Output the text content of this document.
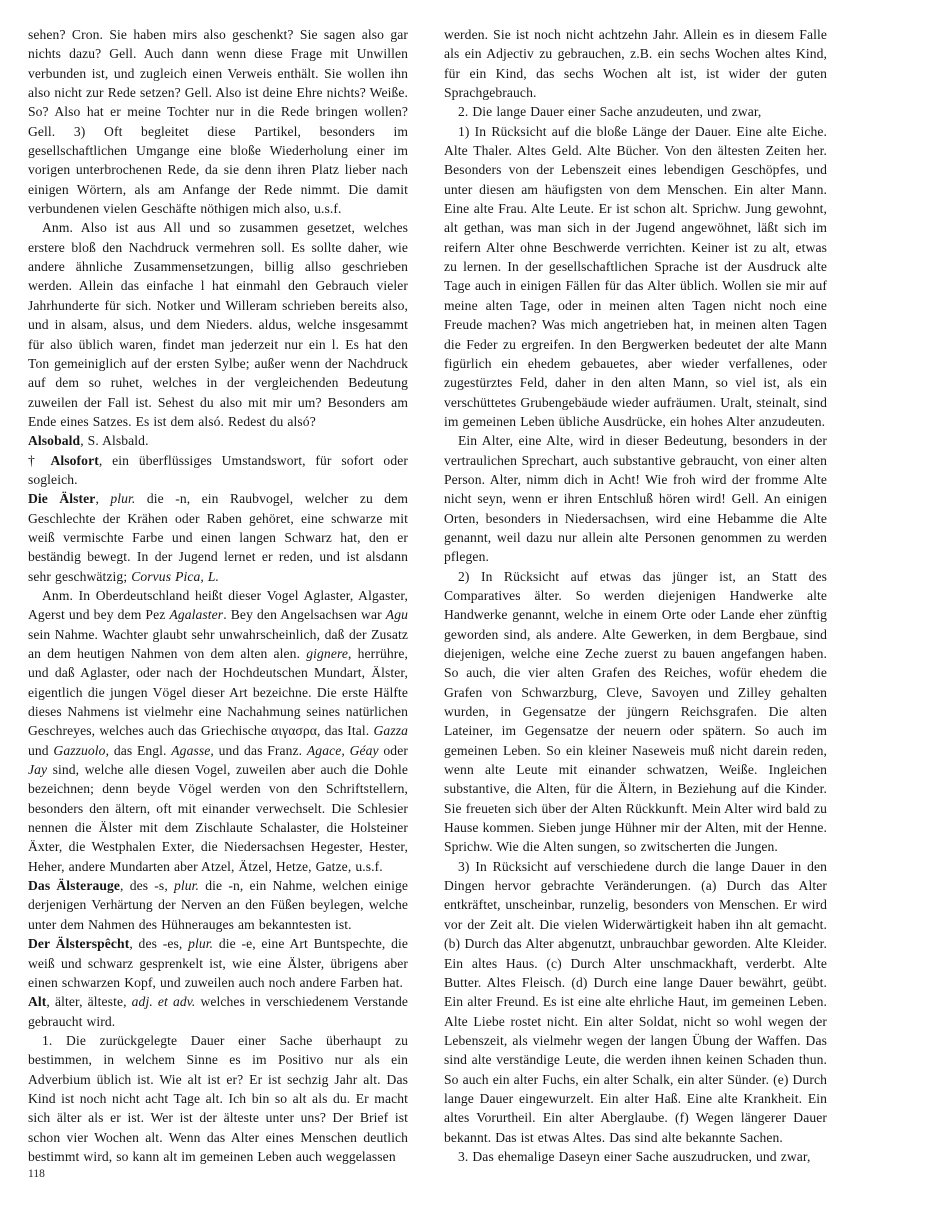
sehen? Cron. Sie haben mirs also geschenkt? Sie sagen also gar nichts dazu? Gell. Auch dann wenn diese Frage mit Unwillen verbunden ist, und zugleich einen Verweis enthält. Sie wollen ihn also nicht zur Rede setzen? Gell. Also ist deine Ehre nichts? Weiße. So? Also hat er meine Tochter nur in die Rede bringen wollen? Gell. 3) Oft begleitet diese Partikel, besonders im gesellschaftlichen Umgange eine bloße Wiederholung einer im vorigen unterbrochenen Rede, da sie denn ihren Platz lieber nach einigen Wörtern, als am Anfange der Rede nimmt. Die damit verbundenen vielen Geschäfte nöthigen mich also, u.s.f.

Anm. Also ist aus All und so zusammen gesetzet, welches erstere bloß den Nachdruck vermehren soll. Es sollte daher, wie andere ähnliche Zusammensetzungen, billig allso geschrieben werden. Allein das einfache l hat einmahl den Gebrauch vieler Jahrhunderte für sich. Notker und Willeram schrieben bereits also, und in alsam, alsus, und dem Nieders. aldus, welche insgesammt für also üblich waren, findet man jederzeit nur ein l. Es hat den Ton gemeiniglich auf der ersten Sylbe; außer wenn der Nachdruck auf dem so ruhet, welches in der vergleichenden Bedeutung zuweilen der Fall ist. Sehest du also mit mir um? Besonders am Ende eines Satzes. Es ist dem alsó. Redest du alsó?

Alsobald, S. Alsbald.

† Alsofort, ein überflüssiges Umstandswort, für sofort oder sogleich.

Die Älster, plur. die -n, ein Raubvogel, welcher zu dem Geschlechte der Krähen oder Raben gehöret, eine schwarze mit weiß vermischte Farbe und einen langen Schwarz hat, den er beständig bewegt. In der Jugend lernet er reden, und ist alsdann sehr geschwätzig; Corvus Pica, L.

Anm. In Oberdeutschland heißt dieser Vogel Aglaster, Algaster, Agerst und bey dem Pez Agalaster. Bey den Angelsachsen war Agu sein Nahme. Wachter glaubt sehr unwahrscheinlich, daß der Zusatz an dem heutigen Nahmen von dem alten alen. gignere, herrühre, und daß Aglaster, oder nach der Hochdeutschen Mundart, Älster, eigentlich die jungen Vögel dieser Art bezeichne. Die erste Hälfte dieses Nahmens ist vielmehr eine Nachahmung seines natürlichen Geschreyes, welches auch das Griechische αιγασρα, das Ital. Gazza und Gazzuolo, das Engl. Agasse, und das Franz. Agace, Géay oder Jay sind, welche alle diesen Vogel, zuweilen aber auch die Dohle bezeichnen; denn beyde Vögel werden von den Schriftstellern, besonders den ältern, oft mit einander verwechselt. Die Schlesier nennen die Älster mit dem Zischlaute Schalaster, die Holsteiner Äxter, die Westphalen Exter, die Niedersachsen Hegester, Hester, Heher, andere Mundarten aber Atzel, Ätzel, Hetze, Gatze, u.s.f.

Das Älsterauge, des -s, plur. die -n, ein Nahme, welchen einige derjenigen Verhärtung der Nerven an den Füßen beylegen, welche unter dem Nahmen des Hühnerauges am bekanntesten ist.

Der Älsterspêcht, des -es, plur. die -e, eine Art Buntspechte, die weiß und schwarz gesprenkelt ist, wie eine Älster, übrigens aber einen schwarzen Kopf, und zuweilen auch noch andere Farben hat.

Alt, älter, älteste, adj. et adv. welches in verschiedenem Verstande gebraucht wird.

1. Die zurückgelegte Dauer einer Sache überhaupt zu bestimmen, in welchem Sinne es im Positivo nur als ein Adverbium üblich ist. Wie alt ist er? Er ist sechzig Jahr alt. Das Kind ist noch nicht acht Tage alt. Ich bin so alt als du. Er macht sich älter als er ist. Wer ist der älteste unter uns? Der Brief ist schon vier Wochen alt. Wenn das Alter eines Menschen deutlich bestimmt wird, so kann alt im gemeinen Leben auch weggelassen

werden. Sie ist noch nicht achtzehn Jahr. Allein es in diesem Falle als ein Adjectiv zu gebrauchen, z.B. ein sechs Wochen altes Kind, für ein Kind, das sechs Wochen alt ist, ist wider der guten Sprachgebrauch.

2. Die lange Dauer einer Sache anzudeuten, und zwar,

1) In Rücksicht auf die bloße Länge der Dauer. Eine alte Eiche. Alte Thaler. Altes Geld. Alte Bücher. Von den ältesten Zeiten her. Besonders von der Lebenszeit eines lebendigen Geschöpfes, und unter diesen am häufigsten von dem Menschen. Ein alter Mann. Eine alte Frau. Alte Leute. Er ist schon alt. Sprichw. Jung gewohnt, alt gethan, was man sich in der Jugend angewöhnet, läßt sich im reifern Alter ohne Beschwerde verrichten. Keiner ist zu alt, etwas zu lernen. In der gesellschaftlichen Sprache ist der Ausdruck alte Tage auch in einigen Fällen für das Alter üblich. Wollen sie mir auf meine alten Tage, oder in meinen alten Tagen nicht noch eine Freude machen? Was mich angetrieben hat, in meinen alten Tagen die Feder zu ergreifen. In den Bergwerken bedeutet der alte Mann figürlich ein ehedem gebauetes, aber wieder verfallenes, oder zugestürztes Feld, daher in den alten Mann, so viel ist, als ein verschüttetes Grubengebäude wieder aufräumen. Uralt, steinalt, sind im gemeinen Leben übliche Ausdrücke, ein hohes Alter anzudeuten.

Ein Alter, eine Alte, wird in dieser Bedeutung, besonders in der vertraulichen Sprechart, auch substantive gebraucht, von einer alten Person. Alter, nimm dich in Acht! Wie froh wird der fromme Alte nicht seyn, wenn er ihren Entschluß hören wird! Gell. An einigen Orten, besonders in Niedersachsen, wird eine Hebamme die Alte genannt, weil dazu nur allein alte Personen genommen zu werden pflegen.

2) In Rücksicht auf etwas das jünger ist, an Statt des Comparatives älter. So werden diejenigen Handwerke alte Handwerke genannt, welche in einem Orte oder Lande eher zünftig geworden sind, als andere. Alte Gewerken, in dem Bergbaue, sind diejenigen, welche eine Zeche zuerst zu bauen angefangen haben. So auch, die vier alten Grafen des Reiches, wofür ehedem die Grafen von Schwarzburg, Cleve, Savoyen und Zilley gehalten wurden, in Gegensatze der jüngern Reichsgrafen. Die alten Lateiner, im Gegensatze der neuern oder spätern. So auch im gemeinen Leben. So ein kleiner Naseweis muß nicht darein reden, wenn alte Leute mit einander schwatzen, Weiße. Ingleichen substantive, die Alten, für die Ältern, in Beziehung auf die Kinder. Sie freueten sich über der Alten Rückkunft. Mein Alter wird bald zu Hause kommen. Sieben junge Hühner mir der Alten, mit der Henne. Sprichw. Wie die Alten sungen, so zwitscherten die Jungen.

3) In Rücksicht auf verschiedene durch die lange Dauer in den Dingen hervor gebrachte Veränderungen. (a) Durch das Alter entkräftet, unscheinbar, runzelig, besonders von Menschen. Er wird vor der Zeit alt. Die vielen Widerwärtigkeit haben ihn alt gemacht. (b) Durch das Alter abgenutzt, unbrauchbar geworden. Alte Kleider. Ein altes Haus. (c) Durch Alter unschmackhaft, verderbt. Alte Butter. Altes Fleisch. (d) Durch eine lange Dauer bewährt, geübt. Ein alter Freund. Es ist eine alte ehrliche Haut, im gemeinen Leben. Alte Liebe rostet nicht. Ein alter Soldat, nicht so wohl wegen der Lebenszeit, als vielmehr wegen der langen Übung der Waffen. Das sind alte verständige Leute, die werden ihnen keinen Schaden thun. So auch ein alter Fuchs, ein alter Schalk, ein alter Sünder. (e) Durch lange Dauer eingewurzelt. Ein alter Haß. Eine alte Krankheit. Ein altes Vorurtheil. Ein alter Aberglaube. (f) Wegen längerer Dauer bekannt. Das ist etwas Altes. Das sind alte bekannte Sachen.

3. Das ehemalige Daseyn einer Sache auszudrucken, und zwar,

118
